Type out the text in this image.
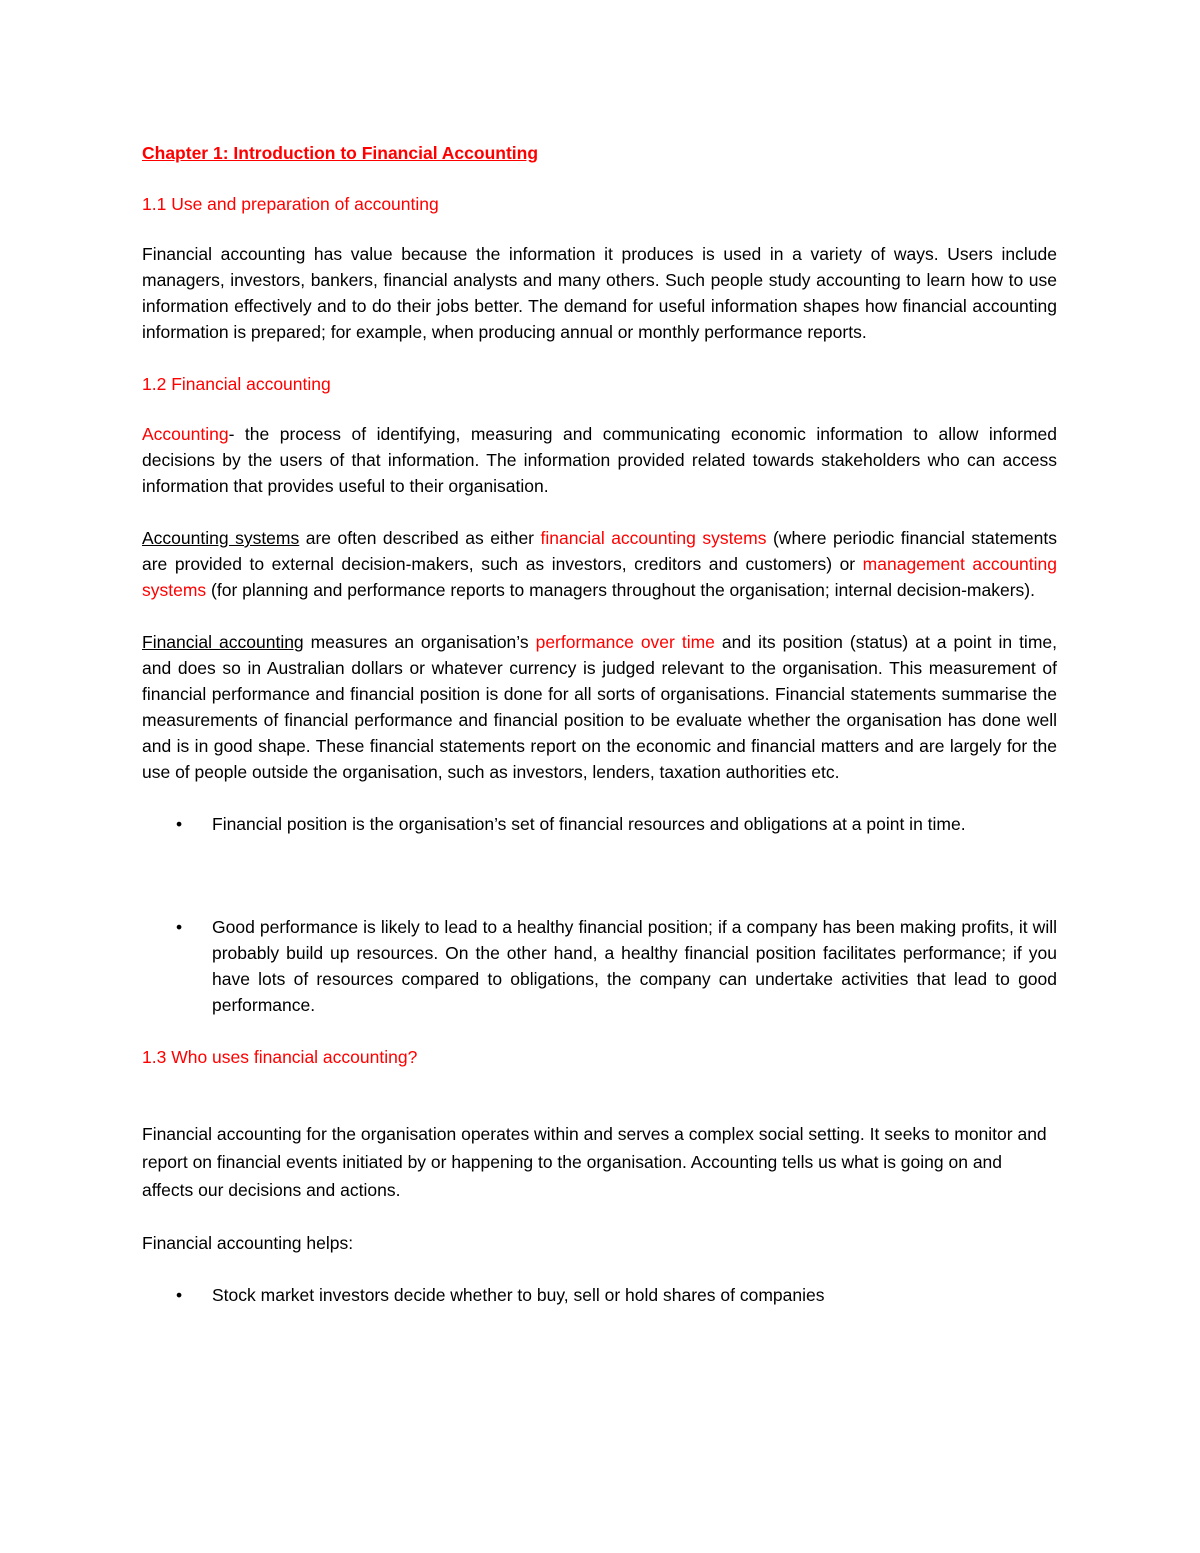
Chapter 1: Introduction to Financial Accounting
1.1 Use and preparation of accounting

Financial accounting has value because the information it produces is used in a variety of ways. Users include managers, investors, bankers, financial analysts and many others. Such people study accounting to learn how to use information effectively and to do their jobs better. The demand for useful information shapes how financial accounting information is prepared; for example, when producing annual or monthly performance reports.

1.2 Financial accounting

Accounting- the process of identifying, measuring and communicating economic information to allow informed decisions by the users of that information. The information provided related towards stakeholders who can access information that provides useful to their organisation.

Accounting systems are often described as either financial accounting systems (where periodic financial statements are provided to external decision-makers, such as investors, creditors and customers) or management accounting systems (for planning and performance reports to managers throughout the organisation; internal decision-makers).

Financial accounting measures an organisation’s performance over time and its position (status) at a point in time, and does so in Australian dollars or whatever currency is judged relevant to the organisation. This measurement of financial performance and financial position is done for all sorts of organisations. Financial statements summarise the measurements of financial performance and financial position to be evaluate whether the organisation has done well and is in good shape. These financial statements report on the economic and financial matters and are largely for the use of people outside the organisation, such as investors, lenders, taxation authorities etc.

• Financial position is the organisation’s set of financial resources and obligations at a point in time.
• Good performance is likely to lead to a healthy financial position; if a company has been making profits, it will probably build up resources. On the other hand, a healthy financial position facilitates performance; if you have lots of resources compared to obligations, the company can undertake activities that lead to good performance.
1.3 Who uses financial accounting?

Financial accounting for the organisation operates within and serves a complex social setting. It seeks to monitor and report on financial events initiated by or happening to the organisation. Accounting tells us what is going on and affects our decisions and actions.

Financial accounting helps:

• Stock market investors decide whether to buy, sell or hold shares of companies
